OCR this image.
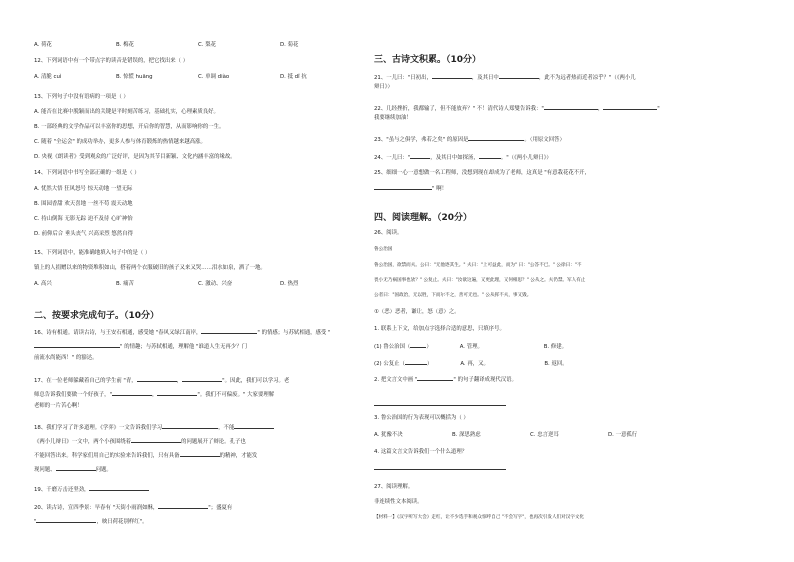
A. 荷花	B. 梅花	C. 梨花	D. 菊花
12、下列词语中有一个带点字的读音是错误的，把它找出来（ ）
A. 清脆 cuì	B. 惊慌 huāng	C. 单调 diào	D. 抵 dǐ 抗
13、下列句子中没有语病的一项是（ ）
A. 能否在比赛中脱颖而出的关键是平时刻苦练习，基础扎实，心理素质良好。
B. 一部经典的文学作品可以丰富你的思想，开启你的智慧，从而影响你的一生。
C. 随着 "全运会" 的成功举办，更多人参与体育锻炼的热情越来越高涨。
D. 央视《朗读者》受到观众的广泛好评，是因为其节目新颖、文化内涵丰富的缘故。
14、下列词语中书写全部正确的一组是（ ）
A. 忧然大悟 狂风怒号 惊天动地 一望无际
B. 围园香甜 欢天喜地 一丝不苟 震天动地
C. 持山倒海 无影无踪 迫不及待 心旷神怡
D. 前仰后合 垂头丧气 兴高采烈 悠然自得
15、下列词语中，能准确地填入句子中的是（ ）
镇上的人捐赠以来的物资堆积如山，搭着两个衣服破旧的孩子又来又哭……泪水如泉，洒了一地。
A. 高兴	B. 痛苦	C. 激动、兴奋	D. 热烈
二、按要求完成句子。（10分）
16、诗有相通。请读古诗，与王安石相通，感受她 "春风又绿江南岸，	" 的情感；与苏轼相通，感受 "
" 的情趣；与苏轼相通，理解他 "谁道人生无再少？门
前流水尚能西！" 的豁达。
17、在一位老师躲藏着自己的学生前 "青，	，	"。因此，我们可以学习。老
师总告诉我们要做一个好孩子，"	，	"。我们不可偏废。" 大家要理解
老师的一片苦心啊！
18、我们学习了许多道理。《学弈》一文告诉我们学习	，不能
《两小儿辩日》一文中，两个小孩围绕着	的问题展开了辩论。孔子也
不能回答出来。科学家们用自己的实验来告诉我们，只有具备	的精神，才能发
现问题、	问题。
19、千磨万击还坚劲，
20、读古诗，宣四季景：早春有 "天街小雨润如酥，	"；盛夏有
"	，映日荷花别样红"。
三、古诗文积累。（10分）
21、一儿曰："日初出，	，及其日中	，此不为远者热而近者凉乎？"（《两小儿
辩日》）
22、几经挫折，我都输了，但不能放弃？" 不！清代诗人郑燮告诉我："	，	"
我要继续加油！
23、"虽与之俱学，弗若之矣" 的原因是	。（用原文回答）
24、一儿曰："	，及其日中如探汤，	。"（《两小儿辩日》）
25、细细一心一意想做一名工程师，没想到现在却成为了老师，这真是 "有意栽花花不开，
" 啊！
四、阅读理解。（20分）
26、阅读。
鲁公治国
鲁公治国，欲禁而夫。公曰："无他逐其生。" 夫曰："上可益此，而为" 曰："公答不已。" 公徐曰："不
畏小无乃祸国事也欤？" 公复止。夫曰："汝欲这遍，又更此理，又何相思？" 公从之。夫仍禁。军人有止
公者曰："国政治，无以胜，下而尔不之，善可无也。" 公从挥不夫，事又毁。
①（恶）恶者，谦让，怒（意）之。
1. 联系上下文，给加点字选择合适的意思，只填序号。
(1) 鲁公治国（	）	A. 管理。	B. 修建。
(2) 公复止（	）	A. 再，又。	B. 返回。
2. 把文言文中画 "	" 的句子翻译成现代汉语。
3. 鲁公治国的行为表现可以概括为（ ）
A. 犹豫不决	B. 深思熟虑	C. 忠言逆耳	D. 一意孤行
4. 这篇文言文告诉我们一个什么道理？
27、阅读理解。
非连续性文本阅读。
【材料一】《汉字听写大会》走红，让不少选手和观众惊呼自己 "不会写字"，也再次引发人们对汉字文化
